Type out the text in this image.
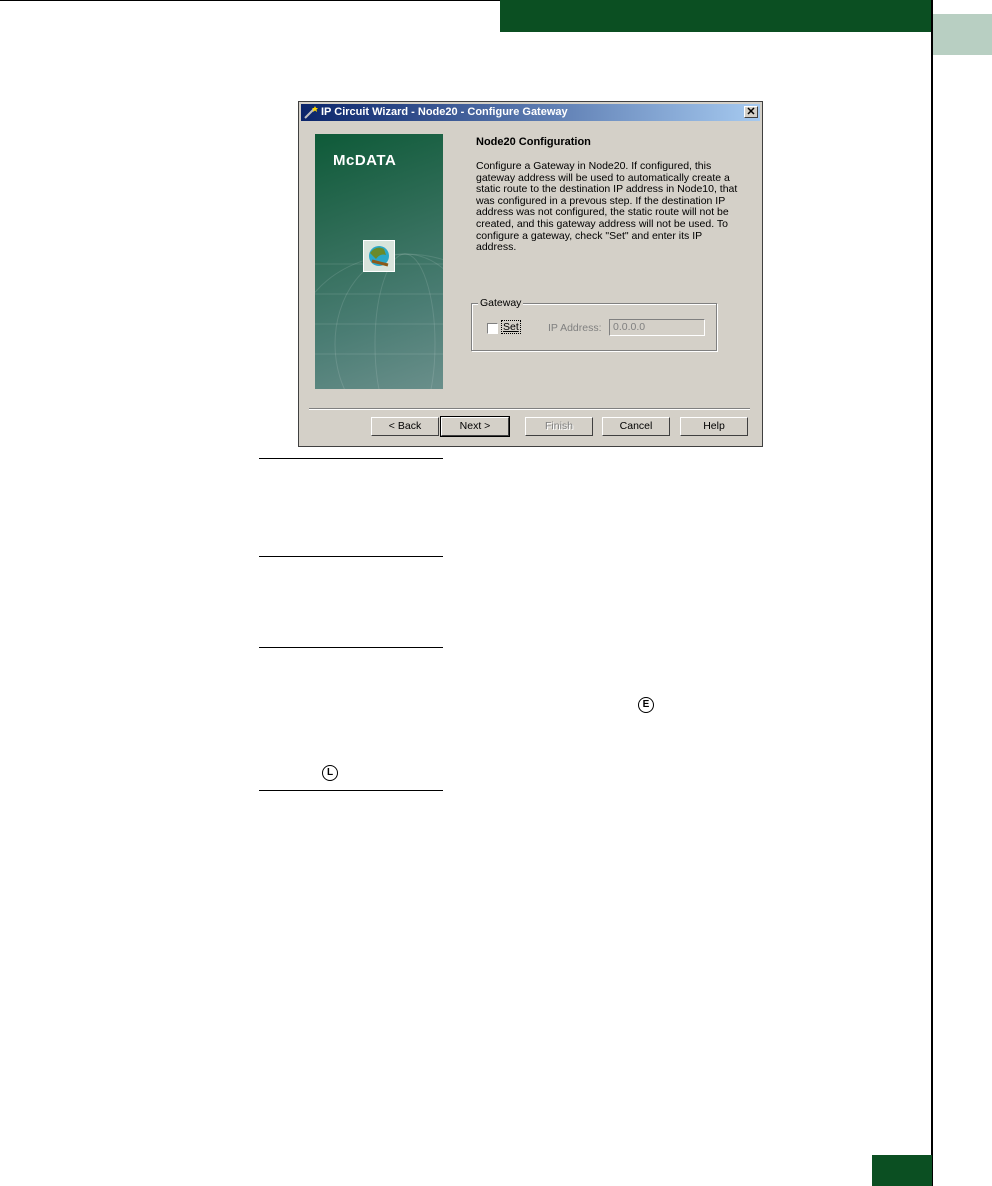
IP Circuit Wizard - Node20 - Configure Gateway	✕
McDATA
Node20 Configuration
Configure a Gateway in Node20. If configured, this gateway address will be used to automatically create a static route to the destination IP address in Node10, that was configured in a prevous step. If the destination IP address was not configured, the static route will not be created, and this gateway address will not be used. To configure a gateway, check "Set" and enter its IP address.
Gateway
Set	IP Address:	0.0.0.0
< Back	Next >	Finish	Cancel	Help
E
L
